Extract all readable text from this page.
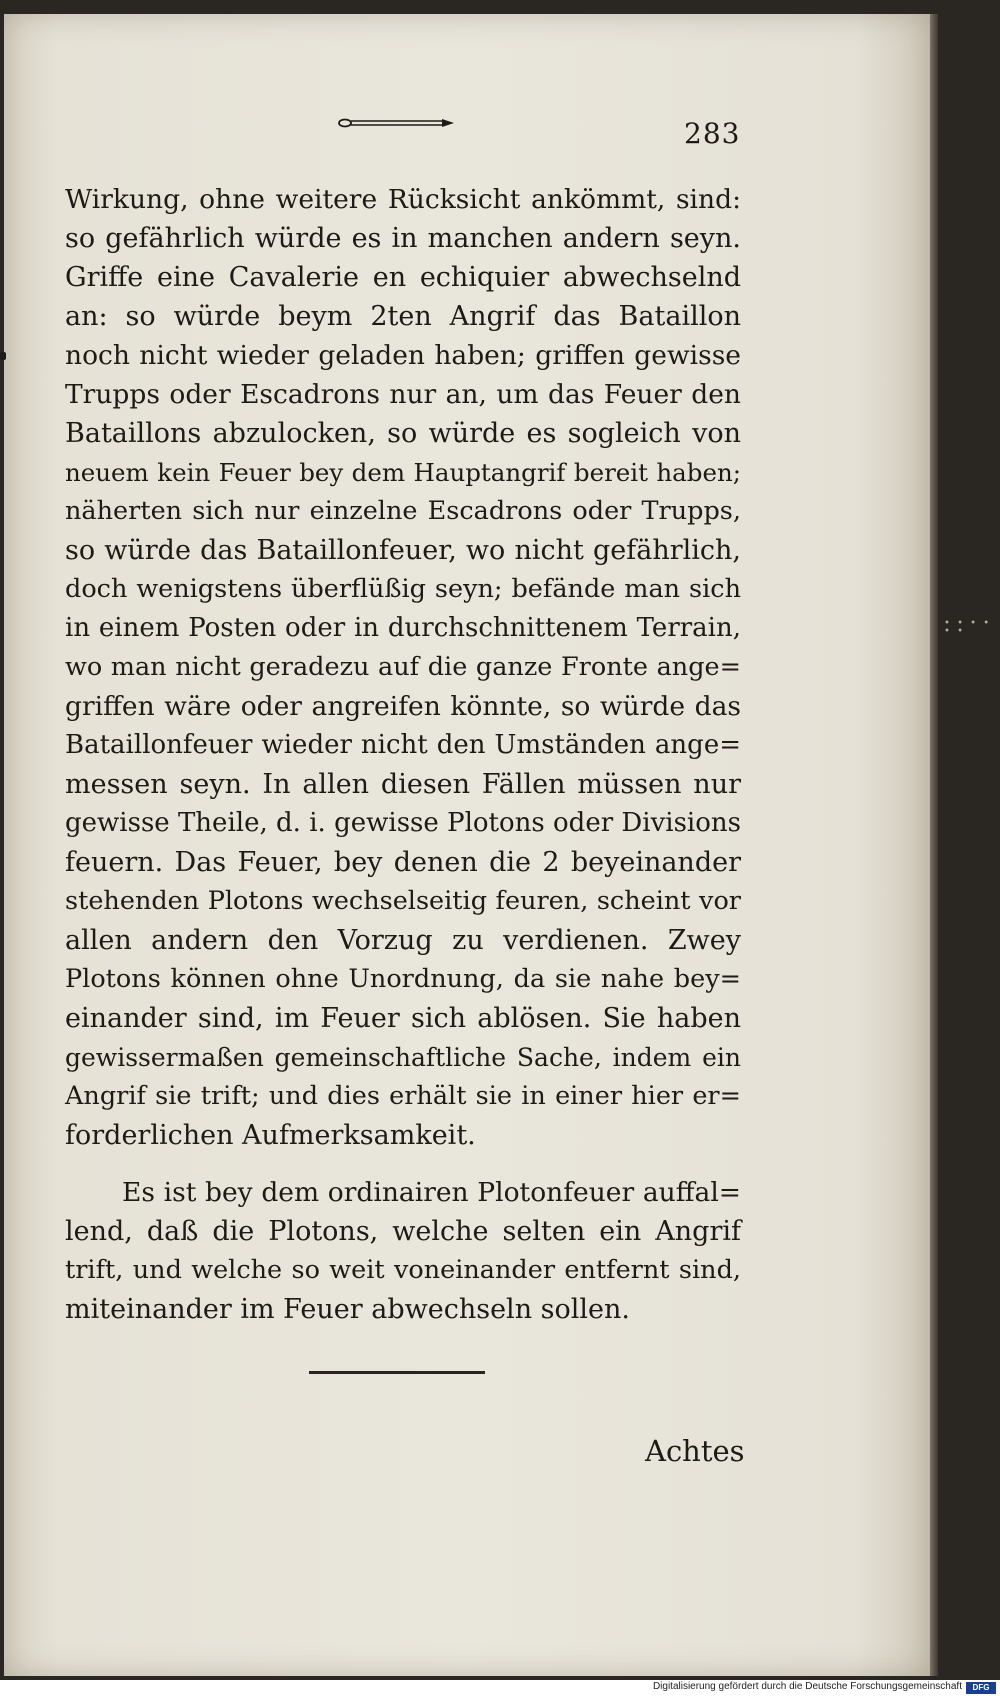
• • • • • •
283
Wirkung, ohne weitere Rücksicht ankömmt, sind:
so gefährlich würde es in manchen andern seyn.
Griffe eine Cavalerie en echiquier abwechselnd
an: so würde beym 2ten Angrif das Bataillon
noch nicht wieder geladen haben; griffen gewisse
Trupps oder Escadrons nur an, um das Feuer den
Bataillons abzulocken, so würde es sogleich von
neuem kein Feuer bey dem Hauptangrif bereit haben;
näherten sich nur einzelne Escadrons oder Trupps,
so würde das Bataillonfeuer, wo nicht gefährlich,
doch wenigstens überflüßig seyn; befände man sich
in einem Posten oder in durchschnittenem Terrain,
wo man nicht geradezu auf die ganze Fronte ange=
griffen wäre oder angreifen könnte, so würde das
Bataillonfeuer wieder nicht den Umständen ange=
messen seyn. In allen diesen Fällen müssen nur
gewisse Theile, d. i. gewisse Plotons oder Divisions
feuern. Das Feuer, bey denen die 2 beyeinander
stehenden Plotons wechselseitig feuren, scheint vor
allen andern den Vorzug zu verdienen. Zwey
Plotons können ohne Unordnung, da sie nahe bey=
einander sind, im Feuer sich ablösen. Sie haben
gewissermaßen gemeinschaftliche Sache, indem ein
Angrif sie trift; und dies erhält sie in einer hier er=
forderlichen Aufmerksamkeit.
Es ist bey dem ordinairen Plotonfeuer auffal=
lend, daß die Plotons, welche selten ein Angrif
trift, und welche so weit voneinander entfernt sind,
miteinander im Feuer abwechseln sollen.
Achtes
Digitalisierung gefördert durch die Deutsche Forschungsgemeinschaft	DFG
